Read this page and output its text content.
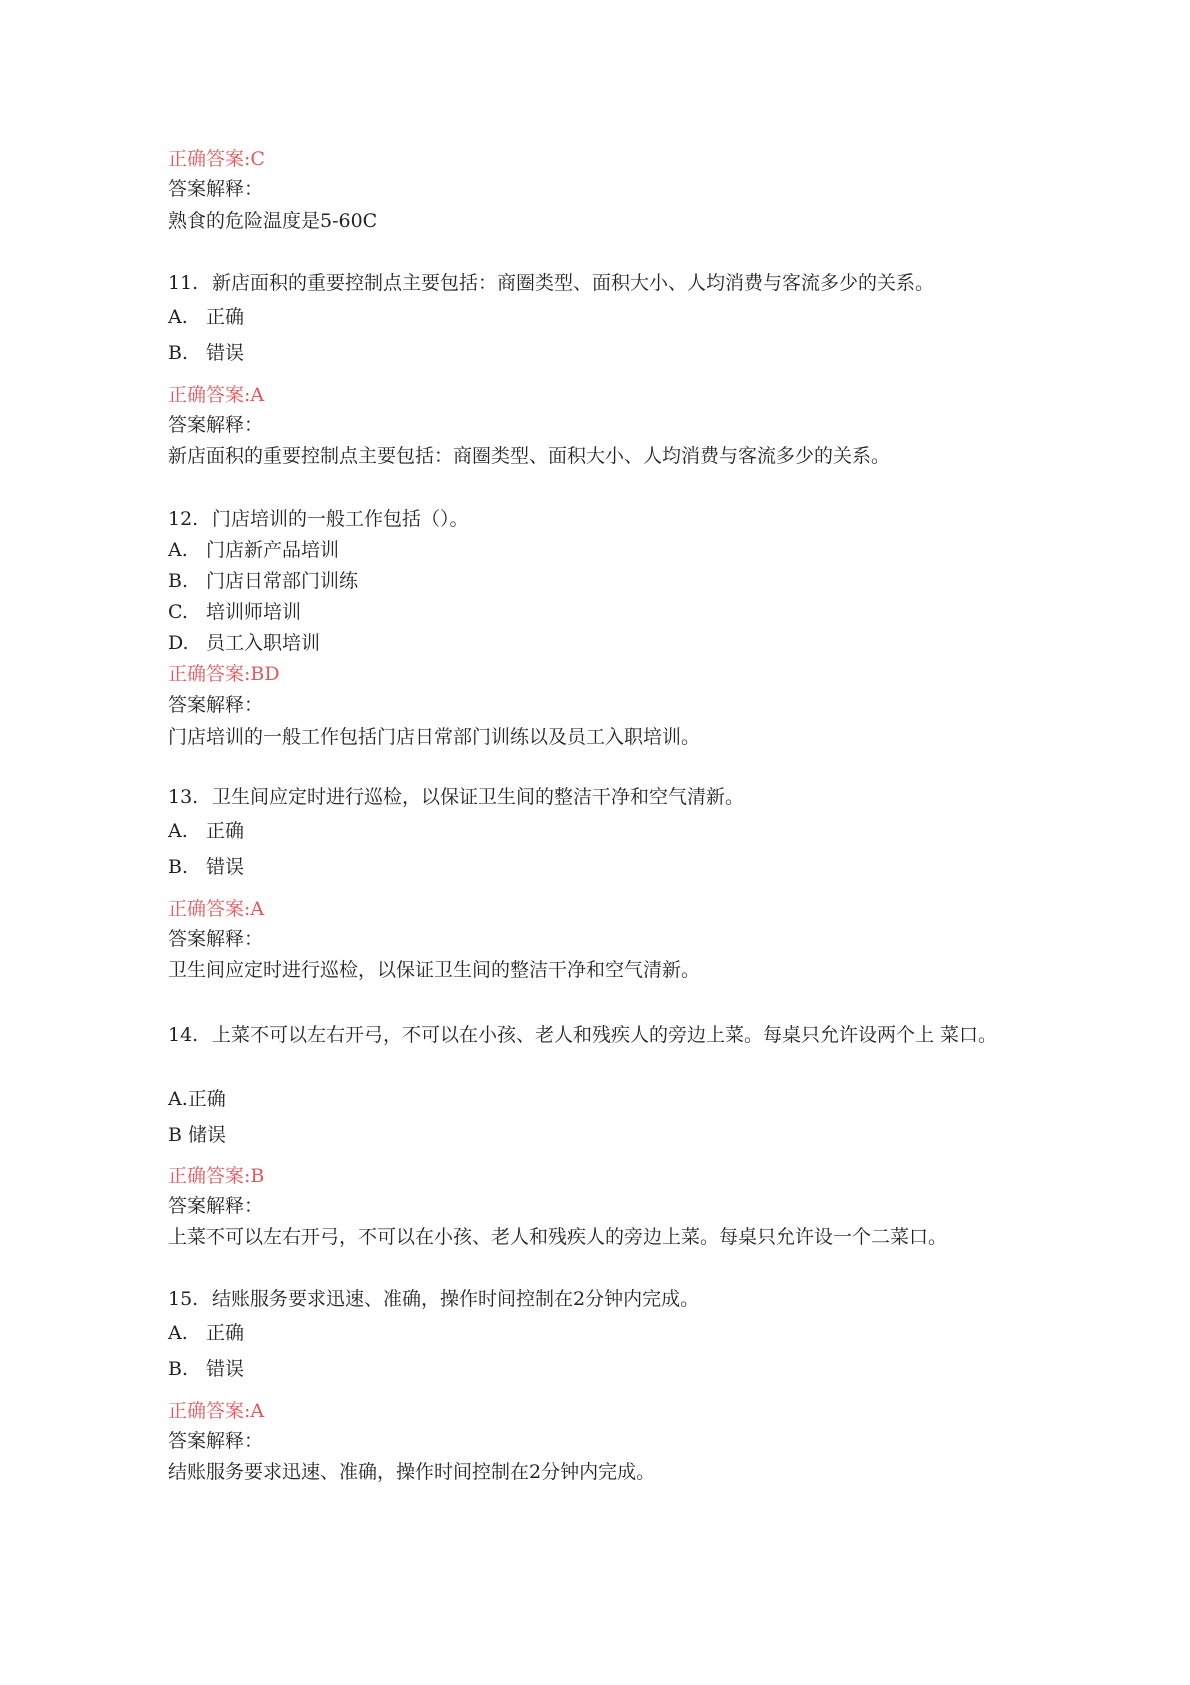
正确答案:C
答案解释：
熟食的危险温度是5-60C
11. 新店面积的重要控制点主要包括：商圈类型、面积大小、人均消费与客流多少的关系。
A. 正确
B. 错误
正确答案:A
答案解释：
新店面积的重要控制点主要包括：商圈类型、面积大小、人均消费与客流多少的关系。
12. 门店培训的一般工作包括（）。
A. 门店新产品培训
B. 门店日常部门训练
C. 培训师培训
D. 员工入职培训
正确答案:BD
答案解释：
门店培训的一般工作包括门店日常部门训练以及员工入职培训。
13. 卫生间应定时进行巡检，以保证卫生间的整洁干净和空气清新。
A. 正确
B. 错误
正确答案:A
答案解释：
卫生间应定时进行巡检，以保证卫生间的整洁干净和空气清新。
14. 上菜不可以左右开弓，不可以在小孩、老人和残疾人的旁边上菜。每桌只允许设两个上 菜口。
A.正确
B 储误
正确答案:B
答案解释：
上菜不可以左右开弓，不可以在小孩、老人和残疾人的旁边上菜。每桌只允许设一个二菜口。
15. 结账服务要求迅速、准确，操作时间控制在2分钟内完成。
A. 正确
B. 错误
正确答案:A
答案解释：
结账服务要求迅速、准确，操作时间控制在2分钟内完成。
